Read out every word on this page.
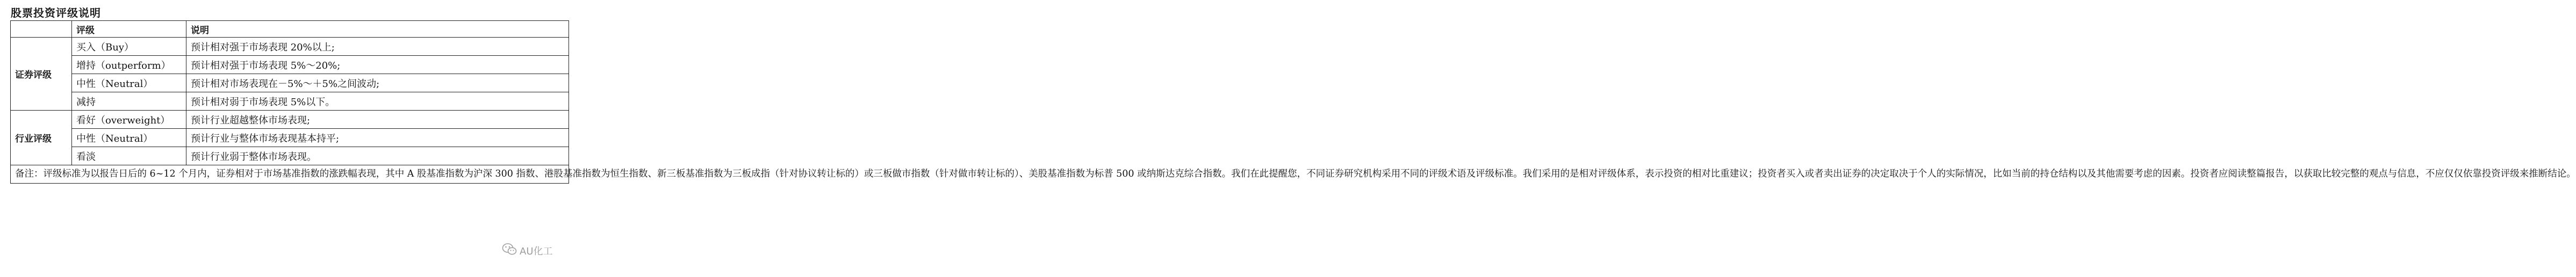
股票投资评级说明
	评级	说明
证券评级	买入（Buy）	预计相对强于市场表现 20%以上;
	增持（outperform）	预计相对强于市场表现 5%～20%;
	中性（Neutral）	预计相对市场表现在－5%～＋5%之间波动;
	减持	预计相对弱于市场表现 5%以下。
行业评级	看好（overweight）	预计行业超越整体市场表现;
	中性（Neutral）	预计行业与整体市场表现基本持平;
	看淡	预计行业弱于整体市场表现。
备注：评级标准为以报告日后的 6~12 个月内，证券相对于市场基准指数的涨跌幅表现，其中 A 股基准指数为沪深 300 指数、港股基准指数为恒生指数、新三板基准指数为三板成指（针对协议转让标的）或三板做市指数（针对做市转让标的）、美股基准指数为标普 500 或纳斯达克综合指数。我们在此提醒您，不同证券研究机构采用不同的评级术语及评级标准。我们采用的是相对评级体系，表示投资的相对比重建议；投资者买入或者卖出证券的决定取决于个人的实际情况，比如当前的持仓结构以及其他需要考虑的因素。投资者应阅读整篇报告，以获取比较完整的观点与信息，不应仅仅依靠投资评级来推断结论。		
AU化工
